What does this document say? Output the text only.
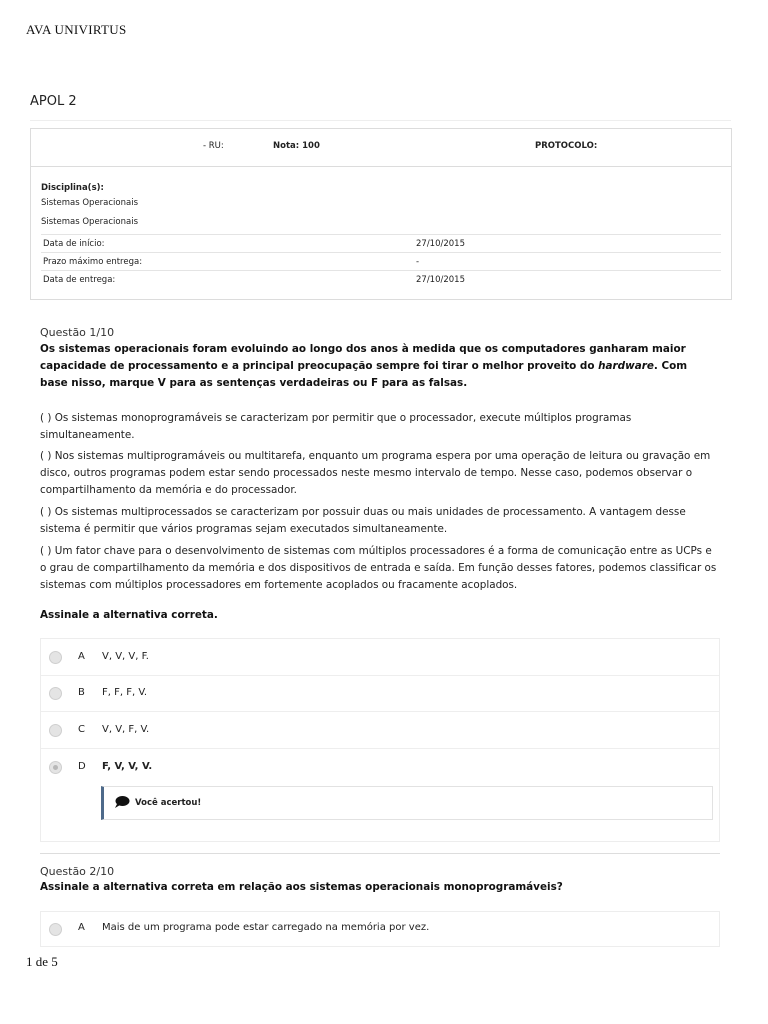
AVA UNIVIRTUS
APOL 2
- RU:	Nota: 100	PROTOCOLO:
Disciplina(s):
Sistemas Operacionais
Sistemas Operacionais
Data de início:	27/10/2015
Prazo máximo entrega:	-
Data de entrega:	27/10/2015
Questão 1/10
Os sistemas operacionais foram evoluindo ao longo dos anos à medida que os computadores ganharam maior capacidade de processamento e a principal preocupação sempre foi tirar o melhor proveito do hardware. Com base nisso, marque V para as sentenças verdadeiras ou F para as falsas.
( ) Os sistemas monoprogramáveis se caracterizam por permitir que o processador, execute múltiplos programas simultaneamente.
( ) Nos sistemas multiprogramáveis ou multitarefa, enquanto um programa espera por uma operação de leitura ou gravação em disco, outros programas podem estar sendo processados neste mesmo intervalo de tempo. Nesse caso, podemos observar o compartilhamento da memória e do processador.
( ) Os sistemas multiprocessados se caracterizam por possuir duas ou mais unidades de processamento. A vantagem desse sistema é permitir que vários programas sejam executados simultaneamente.
( ) Um fator chave para o desenvolvimento de sistemas com múltiplos processadores é a forma de comunicação entre as UCPs e o grau de compartilhamento da memória e dos dispositivos de entrada e saída. Em função desses fatores, podemos classificar os sistemas com múltiplos processadores em fortemente acoplados ou fracamente acoplados.
Assinale a alternativa correta.
A V, V, V, F.
B F, F, F, V.
C V, V, F, V.
D F, V, V, V.
Você acertou!
Questão 2/10
Assinale a alternativa correta em relação aos sistemas operacionais monoprogramáveis?
A Mais de um programa pode estar carregado na memória por vez.
1 de 5
